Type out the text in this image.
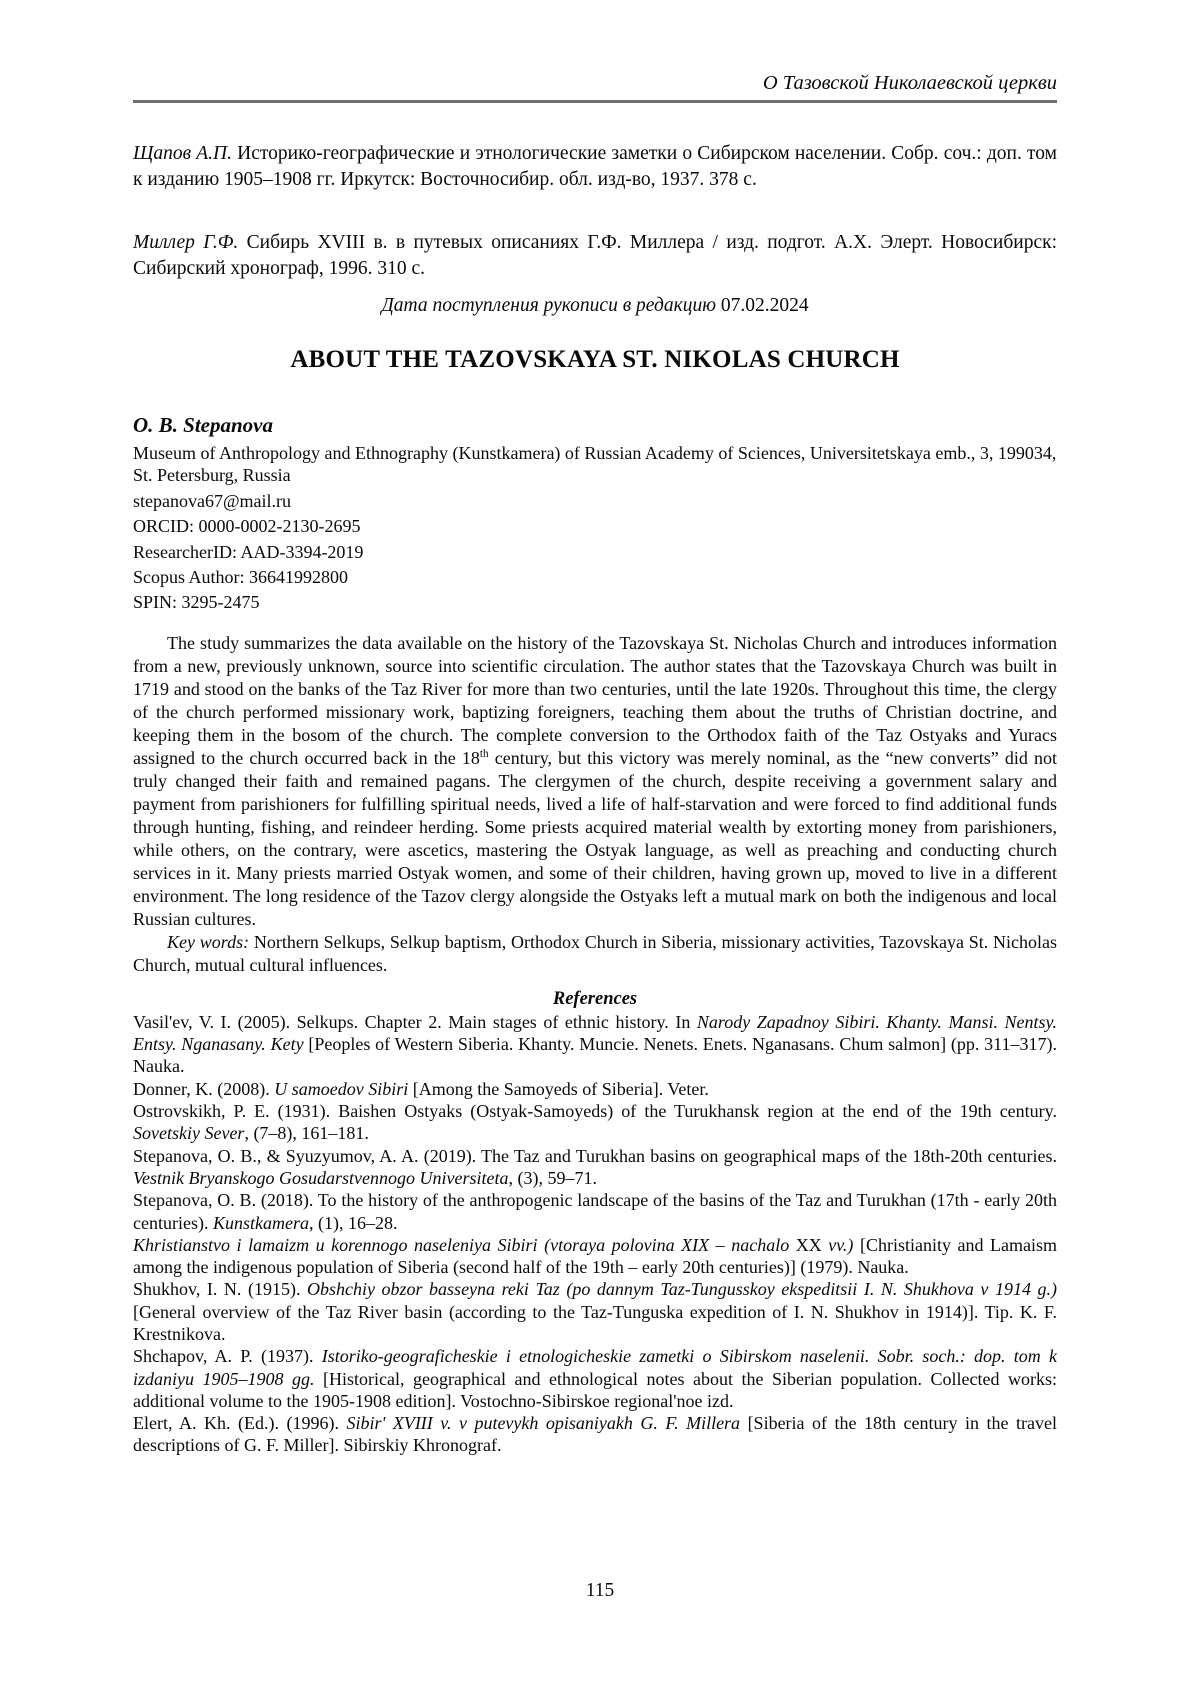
О Тазовской Николаевской церкви

Щапов А.П. Историко-географические и этнологические заметки о Сибирском населении. Собр. соч.: доп. том к изданию 1905–1908 гг. Иркутск: Восточносибир. обл. изд-во, 1937. 378 с.

Миллер Г.Ф. Сибирь XVIII в. в путевых описаниях Г.Ф. Миллера / изд. подгот. А.Х. Элерт. Новосибирск: Сибирский хронограф, 1996. 310 с.

Дата поступления рукописи в редакцию 07.02.2024

ABOUT THE TAZOVSKAYA ST. NIKOLAS CHURCH

O. B. Stepanova

Museum of Anthropology and Ethnography (Kunstkamera) of Russian Academy of Sciences, Universitetskaya emb., 3, 199034, St. Petersburg, Russia

stepanova67@mail.ru

ORCID: 0000-0002-2130-2695

ResearcherID: AAD-3394-2019

Scopus Author: 36641992800

SPIN: 3295-2475

The study summarizes the data available on the history of the Tazovskaya St. Nicholas Church and introduces information from a new, previously unknown, source into scientific circulation. The author states that the Tazovskaya Church was built in 1719 and stood on the banks of the Taz River for more than two centuries, until the late 1920s. Throughout this time, the clergy of the church performed missionary work, baptizing foreigners, teaching them about the truths of Christian doctrine, and keeping them in the bosom of the church. The complete conversion to the Orthodox faith of the Taz Ostyaks and Yuracs assigned to the church occurred back in the 18th century, but this victory was merely nominal, as the “new converts” did not truly changed their faith and remained pagans. The clergymen of the church, despite receiving a government salary and payment from parishioners for fulfilling spiritual needs, lived a life of half-starvation and were forced to find additional funds through hunting, fishing, and reindeer herding. Some priests acquired material wealth by extorting money from parishioners, while others, on the contrary, were ascetics, mastering the Ostyak language, as well as preaching and conducting church services in it. Many priests married Ostyak women, and some of their children, having grown up, moved to live in a different environment. The long residence of the Tazov clergy alongside the Ostyaks left a mutual mark on both the indigenous and local Russian cultures.

Key words: Northern Selkups, Selkup baptism, Orthodox Church in Siberia, missionary activities, Tazovskaya St. Nicholas Church, mutual cultural influences.

References

Vasil'ev, V. I. (2005). Selkups. Chapter 2. Main stages of ethnic history. In Narody Zapadnoy Sibiri. Khanty. Mansi. Nentsy. Entsy. Nganasany. Kety [Peoples of Western Siberia. Khanty. Muncie. Nenets. Enets. Nganasans. Chum salmon] (pp. 311–317). Nauka.

Donner, K. (2008). U samoedov Sibiri [Among the Samoyeds of Siberia]. Veter.

Ostrovskikh, P. E. (1931). Baishen Ostyaks (Ostyak-Samoyeds) of the Turukhansk region at the end of the 19th century. Sovetskiy Sever, (7–8), 161–181.

Stepanova, O. B., & Syuzyumov, A. A. (2019). The Taz and Turukhan basins on geographical maps of the 18th-20th centuries. Vestnik Bryanskogo Gosudarstvennogo Universiteta, (3), 59–71.

Stepanova, O. B. (2018). To the history of the anthropogenic landscape of the basins of the Taz and Turukhan (17th - early 20th centuries). Kunstkamera, (1), 16–28.

Khristianstvo i lamaizm u korennogo naseleniya Sibiri (vtoraya polovina XIX – nachalo XX vv.) [Christianity and Lamaism among the indigenous population of Siberia (second half of the 19th – early 20th centuries)] (1979). Nauka.

Shukhov, I. N. (1915). Obshchiy obzor basseyna reki Taz (po dannym Taz-Tungusskoy ekspeditsii I. N. Shukhova v 1914 g.) [General overview of the Taz River basin (according to the Taz-Tunguska expedition of I. N. Shukhov in 1914)]. Tip. K. F. Krestnikova.

Shchapov, A. P. (1937). Istoriko-geograficheskie i etnologicheskie zametki o Sibirskom naselenii. Sobr. soch.: dop. tom k izdaniyu 1905–1908 gg. [Historical, geographical and ethnological notes about the Siberian population. Collected works: additional volume to the 1905-1908 edition]. Vostochno-Sibirskoe regional'noe izd.

Elert, A. Kh. (Ed.). (1996). Sibir' XVIII v. v putevykh opisaniyakh G. F. Millera [Siberia of the 18th century in the travel descriptions of G. F. Miller]. Sibirskiy Khronograf.

115
